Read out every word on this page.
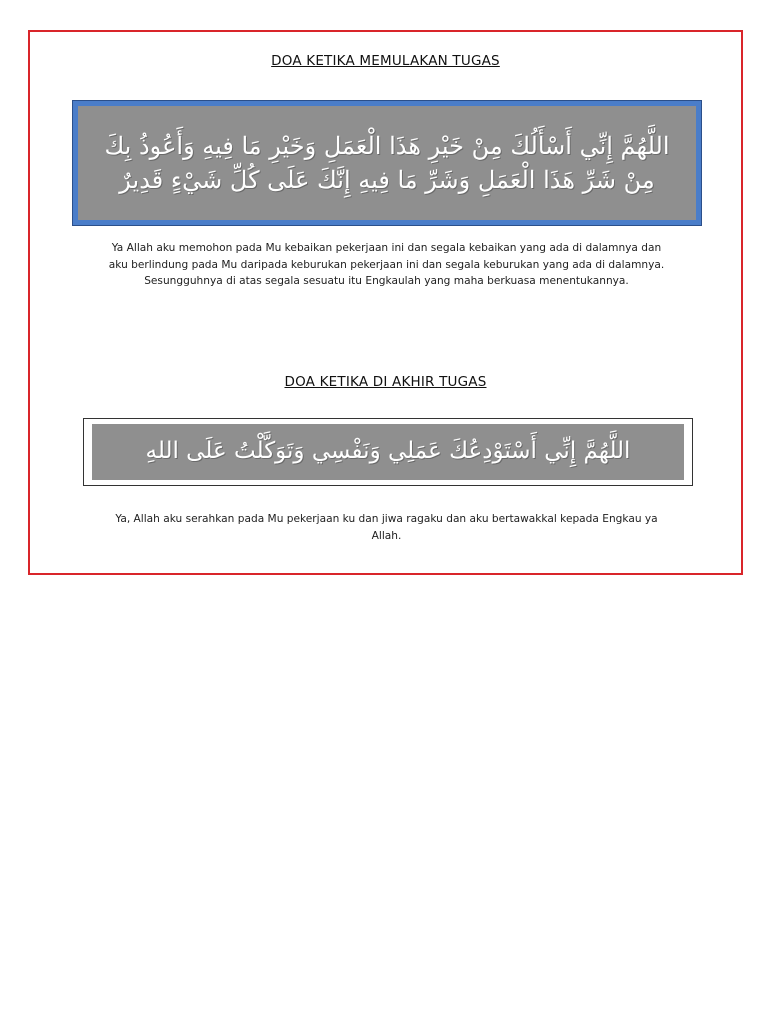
DOA KETIKA MEMULAKAN TUGAS
اللَّهُمَّ إِنِّي أَسْأَلُكَ مِنْ خَيْرِ هَذَا الْعَمَلِ وَخَيْرِ مَا فِيهِ وَأَعُوذُ بِكَ
مِنْ شَرِّ هَذَا الْعَمَلِ وَشَرِّ مَا فِيهِ إِنَّكَ عَلَى كُلِّ شَيْءٍ قَدِيرٌ
Ya Allah aku memohon pada Mu kebaikan pekerjaan ini dan segala kebaikan yang ada di dalamnya dan
aku berlindung pada Mu daripada keburukan pekerjaan ini dan segala keburukan yang ada di dalamnya.
Sesungguhnya di atas segala sesuatu itu Engkaulah yang maha berkuasa menentukannya.
DOA KETIKA DI AKHIR TUGAS
اللَّهُمَّ إِنِّي أَسْتَوْدِعُكَ عَمَلِي وَنَفْسِي وَتَوَكَّلْتُ عَلَى اللهِ
Ya, Allah aku serahkan pada Mu pekerjaan ku dan jiwa ragaku dan aku bertawakkal kepada Engkau ya
Allah.
